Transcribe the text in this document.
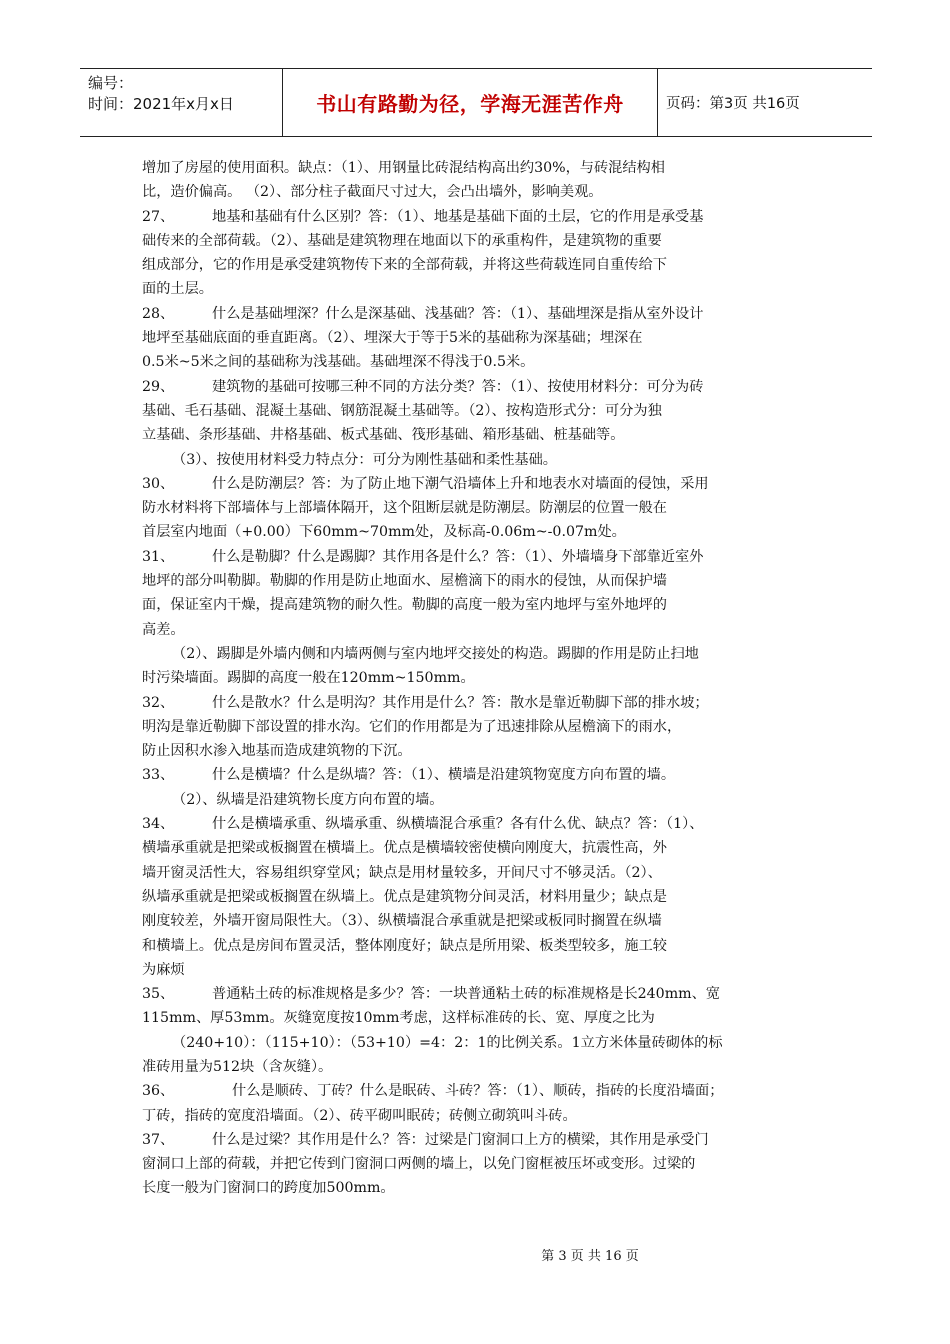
编号：
时间：2021年x月x日	书山有路勤为径，学海无涯苦作舟	页码：第3页 共16页
增加了房屋的使用面积。缺点：（1）、用钢量比砖混结构高出约30%，与砖混结构相
比，造价偏高。 （2）、部分柱子截面尺寸过大，会凸出墙外，影响美观。
27、	地基和基础有什么区别？答：（1）、地基是基础下面的土层，它的作用是承受基
础传来的全部荷载。（2）、基础是建筑物理在地面以下的承重构件，是建筑物的重要
组成部分，它的作用是承受建筑物传下来的全部荷载，并将这些荷载连同自重传给下
面的土层。
28、	什么是基础埋深？什么是深基础、浅基础？答：（1）、基础埋深是指从室外设计
地坪至基础底面的垂直距离。（2）、埋深大于等于5米的基础称为深基础；埋深在
0.5米~5米之间的基础称为浅基础。基础埋深不得浅于0.5米。
29、	建筑物的基础可按哪三种不同的方法分类？答：（1）、按使用材料分：可分为砖
基础、毛石基础、混凝土基础、钢筋混凝土基础等。（2）、按构造形式分：可分为独
立基础、条形基础、井格基础、板式基础、筏形基础、箱形基础、桩基础等。
（3）、按使用材料受力特点分：可分为刚性基础和柔性基础。
30、	什么是防潮层？答：为了防止地下潮气沿墙体上升和地表水对墙面的侵蚀，采用
防水材料将下部墙体与上部墙体隔开，这个阻断层就是防潮层。防潮层的位置一般在
首层室内地面（+0.00）下60mm~70mm处，及标高-0.06m~-0.07m处。
31、	什么是勒脚？什么是踢脚？其作用各是什么？答：（1）、外墙墙身下部靠近室外
地坪的部分叫勒脚。勒脚的作用是防止地面水、屋檐滴下的雨水的侵蚀，从而保护墙
面，保证室内干燥，提高建筑物的耐久性。勒脚的高度一般为室内地坪与室外地坪的
高差。
（2）、踢脚是外墙内侧和内墙两侧与室内地坪交接处的构造。踢脚的作用是防止扫地
时污染墙面。踢脚的高度一般在120mm~150mm。
32、	什么是散水？什么是明沟？其作用是什么？答：散水是靠近勒脚下部的排水坡；
明沟是靠近勒脚下部设置的排水沟。它们的作用都是为了迅速排除从屋檐滴下的雨水，
防止因积水渗入地基而造成建筑物的下沉。
33、	什么是横墙？什么是纵墙？答：（1）、横墙是沿建筑物宽度方向布置的墙。
（2）、纵墙是沿建筑物长度方向布置的墙。
34、	什么是横墙承重、纵墙承重、纵横墙混合承重？各有什么优、缺点？答：（1）、
横墙承重就是把梁或板搁置在横墙上。优点是横墙较密使横向刚度大，抗震性高，外
墙开窗灵活性大，容易组织穿堂风；缺点是用材量较多，开间尺寸不够灵活。（2）、
纵墙承重就是把梁或板搁置在纵墙上。优点是建筑物分间灵活，材料用量少；缺点是
刚度较差，外墙开窗局限性大。（3）、纵横墙混合承重就是把梁或板同时搁置在纵墙
和横墙上。优点是房间布置灵活，整体刚度好；缺点是所用梁、板类型较多，施工较
为麻烦
35、	普通粘土砖的标准规格是多少？答：一块普通粘土砖的标准规格是长240mm、宽
115mm、厚53mm。灰缝宽度按10mm考虑，这样标准砖的长、宽、厚度之比为
（240+10）：（115+10）：（53+10）=4：2：1的比例关系。1立方米体量砖砌体的标
准砖用量为512块（含灰缝）。
36、	什么是顺砖、丁砖？什么是眠砖、斗砖？答：（1）、顺砖，指砖的长度沿墙面；
丁砖，指砖的宽度沿墙面。（2）、砖平砌叫眠砖；砖侧立砌筑叫斗砖。
37、	什么是过梁？其作用是什么？答：过梁是门窗洞口上方的横梁，其作用是承受门
窗洞口上部的荷载，并把它传到门窗洞口两侧的墙上，以免门窗框被压坏或变形。过梁的
长度一般为门窗洞口的跨度加500mm。
第 3 页 共 16 页
